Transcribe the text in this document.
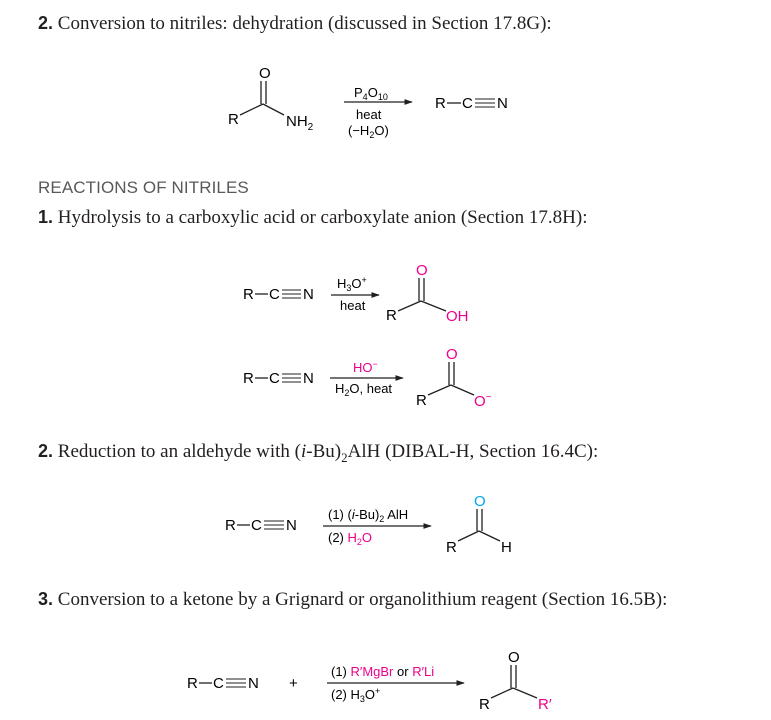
2. Conversion to nitriles: dehydration (discussed in Section 17.8G):
REACTIONS OF NITRILES
1. Hydrolysis to a carboxylic acid or carboxylate anion (Section 17.8H):
2. Reduction to an aldehyde with $(i-Bu)_2AlH$ (DIBAL-H, Section 16.4C):
3. Conversion to a ketone by a Grignard or organolithium reagent (Section 16.5B):
O
R	$NH_2$
$P_4O_{10}$
heat
$(-H_2O)$
R C N
R C N
$H_3O^+$
heat
O
R	OH
R C N
HO−
$H_2O$, heat
O
R	O−
R C N
(1) $(i-Bu)_2$ AlH
(2) $H_2O$
O
R	H
R C N +
(1) R′MgBr or R′Li
(2) $H_3O^+$
O
R	R′
